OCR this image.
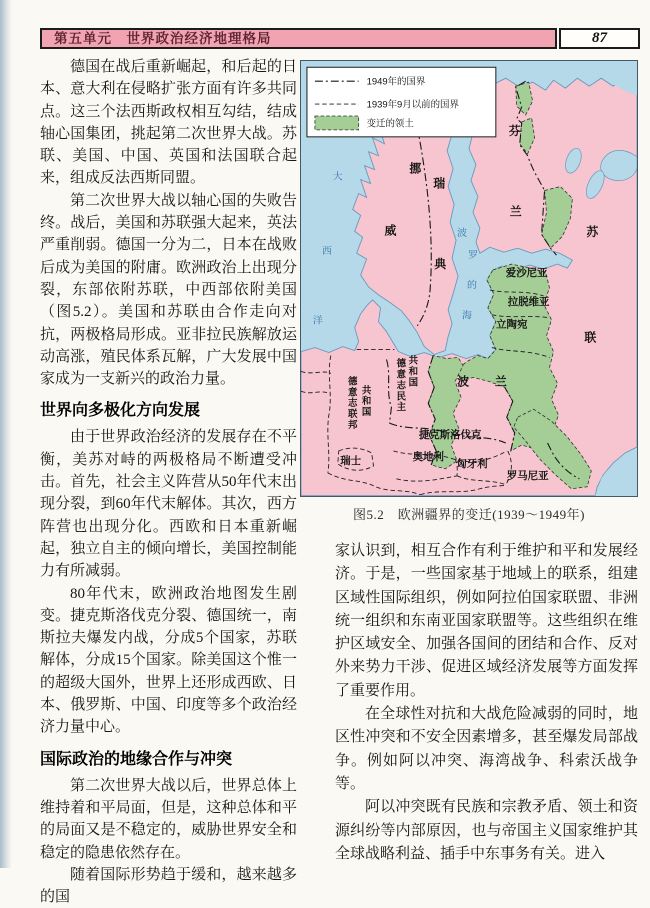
第五单元　世界政治经济地理格局	87

德国在战后重新崛起，和后起的日本、意大利在侵略扩张方面有许多共同点。这三个法西斯政权相互勾结，结成轴心国集团，挑起第二次世界大战。苏联、美国、中国、英国和法国联合起来，组成反法西斯同盟。

第二次世界大战以轴心国的失败告终。战后，美国和苏联强大起来，英法严重削弱。德国一分为二，日本在战败后成为美国的附庸。欧洲政治上出现分裂，东部依附苏联，中西部依附美国（图5.2）。美国和苏联由合作走向对抗，两极格局形成。亚非拉民族解放运动高涨，殖民体系瓦解，广大发展中国家成为一支新兴的政治力量。

世界向多极化方向发展

由于世界政治经济的发展存在不平衡，美苏对峙的两极格局不断遭受冲击。首先，社会主义阵营从50年代末出现分裂，到60年代末解体。其次，西方阵营也出现分化。西欧和日本重新崛起，独立自主的倾向增长，美国控制能力有所减弱。

80年代末，欧洲政治地图发生剧变。捷克斯洛伐克分裂、德国统一，南斯拉夫爆发内战，分成5个国家，苏联解体，分成15个国家。除美国这个惟一的超级大国外，世界上还形成西欧、日本、俄罗斯、中国、印度等多个政治经济力量中心。

国际政治的地缘合作与冲突

第二次世界大战以后，世界总体上维持着和平局面，但是，这种总体和平的局面又是不稳定的，威胁世界安全和稳定的隐患依然存在。

随着国际形势趋于缓和，越来越多的国

挪
威
瑞
典
芬
兰
苏
联
爱沙尼亚
拉脱维亚
立陶宛
波 兰
德意志民主
共和国
德意志联邦
共和国
捷克斯洛伐克
奥地利
匈牙利
瑞士
罗马尼亚
大
西
洋
波
罗
的
海
1949年的国界
1939年9月以前的国界
变迁的领土
图5.2　欧洲疆界的变迁(1939～1949年)

家认识到，相互合作有利于维护和平和发展经济。于是，一些国家基于地域上的联系，组建区域性国际组织，例如阿拉伯国家联盟、非洲统一组织和东南亚国家联盟等。这些组织在维护区域安全、加强各国间的团结和合作、反对外来势力干涉、促进区域经济发展等方面发挥了重要作用。

在全球性对抗和大战危险减弱的同时，地区性冲突和不安全因素增多，甚至爆发局部战争。例如阿以冲突、海湾战争、科索沃战争等。

阿以冲突既有民族和宗教矛盾、领土和资源纠纷等内部原因，也与帝国主义国家维护其全球战略利益、插手中东事务有关。进入
